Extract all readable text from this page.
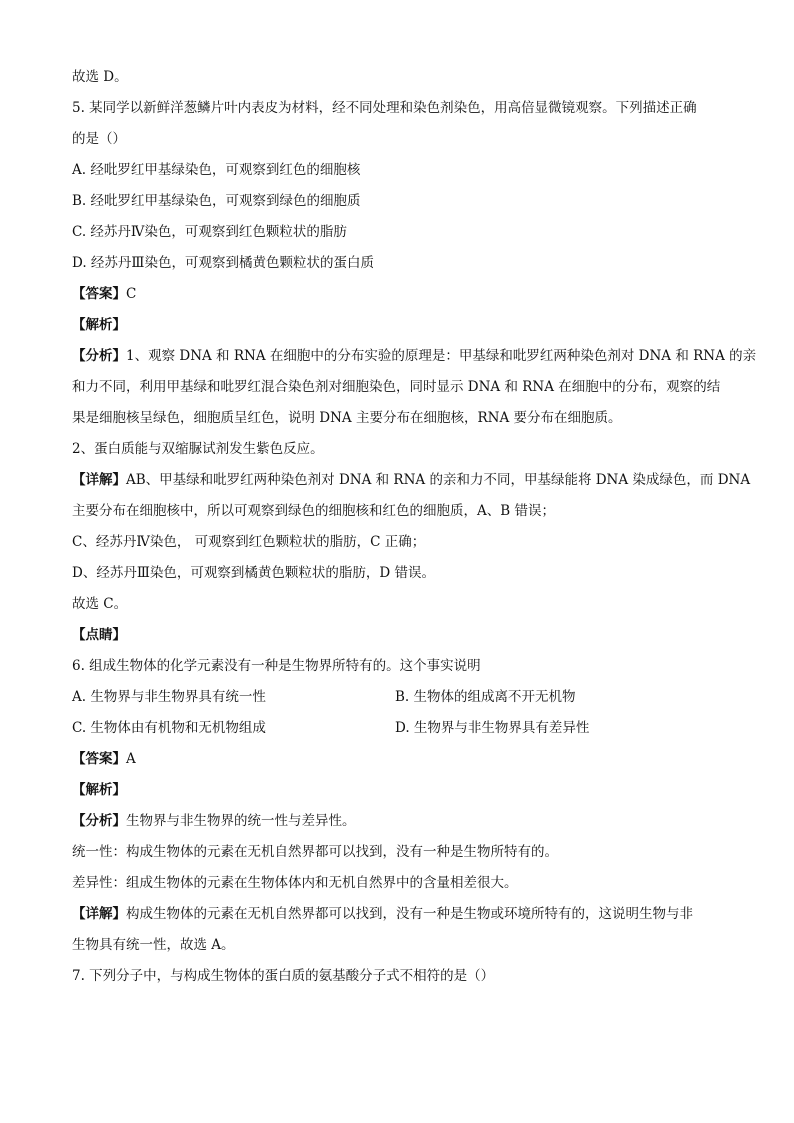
故选 D。
5. 某同学以新鲜洋葱鳞片叶内表皮为材料，经不同处理和染色剂染色，用高倍显微镜观察。下列描述正确
的是（）
A. 经吡罗红甲基绿染色，可观察到红色的细胞核
B. 经吡罗红甲基绿染色，可观察到绿色的细胞质
C. 经苏丹Ⅳ染色，可观察到红色颗粒状的脂肪
D. 经苏丹Ⅲ染色，可观察到橘黄色颗粒状的蛋白质
【答案】C
【解析】
【分析】1、观察 DNA 和 RNA 在细胞中的分布实验的原理是：甲基绿和吡罗红两种染色剂对 DNA 和 RNA 的亲
和力不同，利用甲基绿和吡罗红混合染色剂对细胞染色，同时显示 DNA 和 RNA 在细胞中的分布，观察的结
果是细胞核呈绿色，细胞质呈红色，说明 DNA 主要分布在细胞核，RNA 要分布在细胞质。
2、蛋白质能与双缩脲试剂发生紫色反应。
【详解】AB、甲基绿和吡罗红两种染色剂对 DNA 和 RNA 的亲和力不同，甲基绿能将 DNA 染成绿色，而 DNA
主要分布在细胞核中，所以可观察到绿色的细胞核和红色的细胞质，A、B 错误；
C、经苏丹Ⅳ染色， 可观察到红色颗粒状的脂肪，C 正确；
D、经苏丹Ⅲ染色，可观察到橘黄色颗粒状的脂肪，D 错误。
故选 C。
【点睛】
6. 组成生物体的化学元素没有一种是生物界所特有的。这个事实说明
A. 生物界与非生物界具有统一性	B. 生物体的组成离不开无机物
C. 生物体由有机物和无机物组成	D. 生物界与非生物界具有差异性
【答案】A
【解析】
【分析】生物界与非生物界的统一性与差异性。
统一性：构成生物体的元素在无机自然界都可以找到，没有一种是生物所特有的。
差异性：组成生物体的元素在生物体体内和无机自然界中的含量相差很大。
【详解】构成生物体的元素在无机自然界都可以找到，没有一种是生物或环境所特有的，这说明生物与非
生物具有统一性，故选 A。
7. 下列分子中，与构成生物体的蛋白质的氨基酸分子式不相符的是（）
